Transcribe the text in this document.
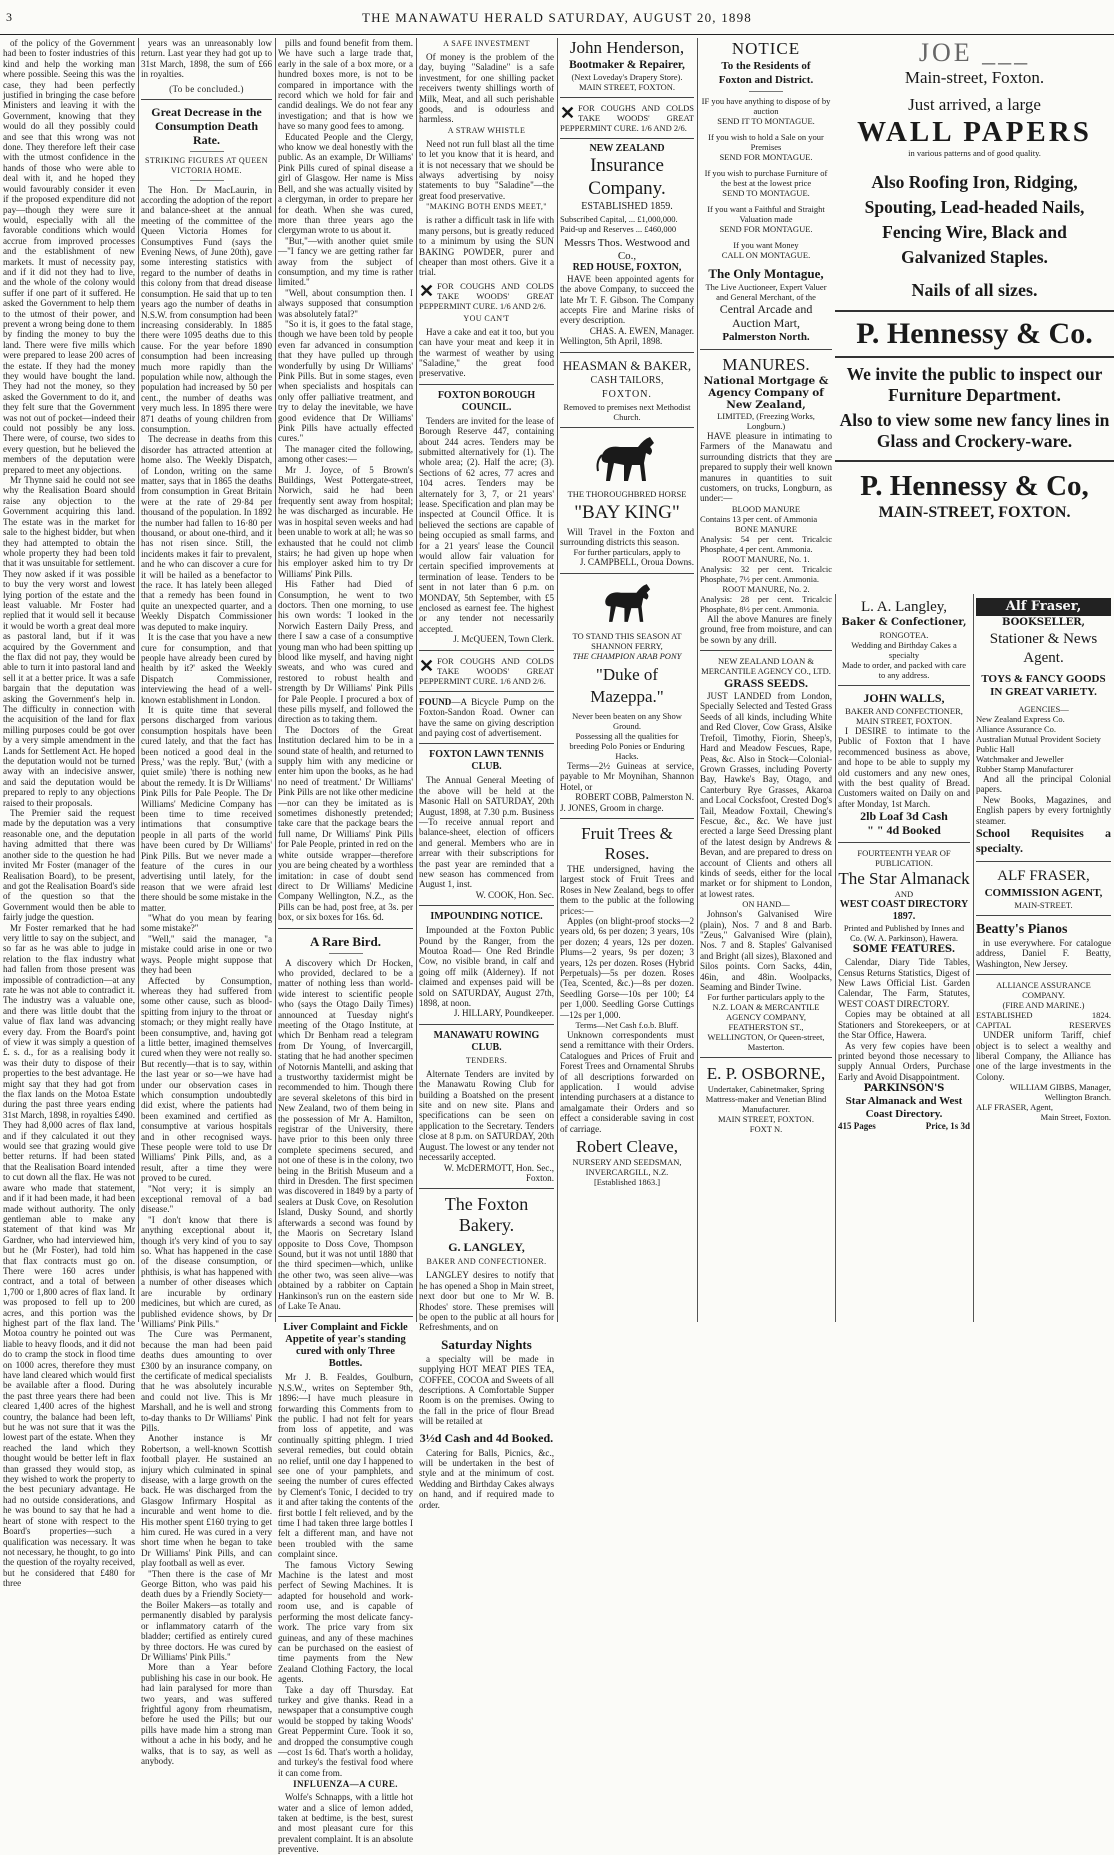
3	THE MANAWATU HERALD SATURDAY, AUGUST 20, 1898

of the policy of the Government had been to foster industries of this kind and help the working man where possible. Seeing this was the case, they had been perfectly justified in bringing the case before Ministers and leaving it with the Government, knowing that they would do all they possibly could and see that this wrong was not done. They therefore left their case with the utmost confidence in the hands of those who were able to deal with it, and he hoped they would favourably consider it even if the proposed expenditure did not pay—though they were sure it would, especially with all the favorable conditions which would accrue from improved processes and the establishment of new markets. It must of necessity pay, and if it did not they had to live, and the whole of the colony would suffer if one part of it suffered. He asked the Government to help them to the utmost of their power, and prevent a wrong being done to them by finding the money to buy the land. There were five mills which were prepared to lease 200 acres of the estate. If they had the money they would have bought the land. They had not the money, so they asked the Government to do it, and they felt sure that the Government was not out of pocket—indeed their could not possibly be any loss. There were, of course, two sides to every question, but he believed the members of the deputation were prepared to meet any objections.

Mr Thynne said he could not see why the Realisation Board should raise any objection to the Government acquiring this land. The estate was in the market for sale to the highest bidder, but when they had attempted to obtain the whole property they had been told that it was unsuitable for settlement. They now asked if it was possible to buy the very worst and lowest lying portion of the estate and the least valuable. Mr Foster had replied that it would sell it because it would be worth a great deal more as pastoral land, but if it was acquired by the Government and the flax did not pay, they would be able to turn it into pastoral land and sell it at a better price. It was a safe bargain that the deputation was asking the Government's help in. The difficulty in connection with the acquisition of the land for flax milling purposes could be got over by a very simple amendment in the Lands for Settlement Act. He hoped the deputation would not be turned away with an indecisive answer, and said the deputation would be prepared to reply to any objections raised to their proposals.

The Premier said the request made by the deputation was a very reasonable one, and the deputation having admitted that there was another side to the question he had invited Mr Foster (manager of the Realisation Board), to be present, and got the Realisation Board's side of the question so that the Government would then be able to fairly judge the question.

Mr Foster remarked that he had very little to say on the subject, and so far as he was able to judge in relation to the flax industry what had fallen from those present was impossible of contradiction—at any rate he was not able to contradict it. The industry was a valuable one, and there was little doubt that the value of flax land was advancing every day. From the Board's point of view it was simply a question of £. s. d., for as a realising body it was their duty to dispose of their properties to the best advantage. He might say that they had got from the flax lands on the Motoa Estate during the past three years ending 31st March, 1898, in royalties £490. They had 8,000 acres of flax land, and if they calculated it out they would see that grazing would give better returns. If had been stated that the Realisation Board intended to cut down all the flax. He was not aware who made that statement, and if it had been made, it had been made without authority. The only gentleman able to make any statement of that kind was Mr Gardner, who had interviewed him, but he (Mr Foster), had told him that flax contracts must go on. There were 160 acres under contract, and a total of between 1,700 or 1,800 acres of flax land. It was proposed to fell up to 200 acres, and this portion was the highest part of the flax land. The Motoa country he pointed out was liable to heavy floods, and it did not do to cramp the stock in flood time on 1000 acres, therefore they must have land cleared which would first be available after a flood. During the past three years there had been cleared 1,400 acres of the highest country, the balance had been left, but he was not sure that it was the lowest part of the estate. When they reached the land which they thought would be better left in flax than grassed they would stop, as they wished to work the property to the best pecuniary advantage. He had no outside considerations, and he was bound to say that he had a heart of stone with respect to the Board's properties—such a qualification was necessary. It was not necessary, he thought, to go into the question of the royalty received, but he considered that £480 for three

years was an unreasonably low return. Last year they had got up to 31st March, 1898, the sum of £66 in royalties.

(To be concluded.)
Great Decrease in the Consumption Death Rate.
STRIKING FIGURES AT QUEEN VICTORIA HOME.

The Hon. Dr MacLaurin, in according the adoption of the report and balance-sheet at the annual meeting of the committee of the Queen Victoria Homes for Consumptives Fund (says the Evening News, of June 20th), gave some interesting statistics with regard to the number of deaths in this colony from that dread disease consumption. He said that up to ten years ago the number of deaths in N.S.W. from consumption had been increasing considerably. In 1885 there were 1095 deaths due to this cause. For the year before 1890 consumption had been increasing much more rapidly than the population while now, although the population had increased by 50 per cent., the number of deaths was very much less. In 1895 there were 871 deaths of young children from consumption.

The decrease in deaths from this disorder has attracted attention at home also. The Weekly Dispatch, of London, writing on the same matter, says that in 1865 the deaths from consumption in Great Britain were at the rate of 29·84 per thousand of the population. In 1892 the number had fallen to 16·80 per thousand, or about one-third, and it has not risen since. Still, the incidents makes it fair to prevalent, and he who can discover a cure for it will be hailed as a benefactor to the race. It has lately been alleged that a remedy has been found in quite an unexpected quarter, and a Weekly Dispatch Commissioner was deputed to make inquiry.

It is the case that you have a new cure for consumption, and that people have already been cured by health by it?' asked the Weekly Dispatch Commissioner, interviewing the head of a well-known establishment in London.

It is quite time that several persons discharged from various consumption hospitals have been cured lately, and that the fact has been noticed a good deal in the Press,' was the reply. 'But,' (with a quiet smile) 'there is nothing new about the remedy. It is Dr Williams' Pink Pills for Pale People. The Dr Williams' Medicine Company has been time to time received intimations that consumptive people in all parts of the world have been cured by Dr Williams' Pink Pills. But we never made a feature of the cures in our advertising until lately, for the reason that we were afraid lest there should be some mistake in the matter.

"What do you mean by fearing some mistake?"

"Well," said the manager, "a mistake could arise in one or two ways. People might suppose that they had been

Affected by Consumption, whereas they had suffered from some other cause, such as blood-spitting from injury to the throat or stomach; or they might really have been consumptive, and, having got a little better, imagined themselves cured when they were not really so. But recently—that is to say, within the last year or so—we have had under our observation cases in which consumption undoubtedly did exist, where the patients had been examined and certified as consumptive at various hospitals and in other recognised ways. These people were told to use Dr Williams' Pink Pills, and, as a result, after a time they were proved to be cured.

"Not very; it is simply an exceptional removal of a bad disease."

"I don't know that there is anything exceptional about it, though it's very kind of you to say so. What has happened in the case of the disease consumption, or phthisis, is what has happened with a number of other diseases which are incurable by ordinary medicines, but which are cured, as published evidence shows, by Dr Williams' Pink Pills."

The Cure was Permanent, because the man had been paid deaths dues amounting to over £300 by an insurance company, on the certificate of medical specialists that he was absolutely incurable and could not live. This is Mr Marshall, and he is well and strong to-day thanks to Dr Williams' Pink Pills.

Another instance is Mr Robertson, a well-known Scottish football player. He sustained an injury which culminated in spinal disease, with a large growth on the back. He was discharged from the Glasgow Infirmary Hospital as incurable and went home to die. His mother spent £160 trying to get him cured. He was cured in a very short time when he began to take Dr Williams' Pink Pills, and can play football as well as ever.

"Then there is the case of Mr George Bitton, who was paid his death dues by a Friendly Society—the Boiler Makers—as totally and permanently disabled by paralysis or inflammatory catarrh of the bladder; certified as entirely cured by three doctors. He was cured by Dr Williams' Pink Pills."

More than a Year before publishing his case in our book. He had lain paralysed for more than two years, and was suffered frightful agony from rheumatism, before he used the Pills; but our pills have made him a strong man without a ache in his body, and he walks, that is to say, as well as anybody.

pills and found benefit from them. We have such a large trade that, early in the sale of a box more, or a hundred boxes more, is not to be compared in importance with the record which we hold for fair and candid dealings. We do not fear any investigation; and that is how we have so many good fees to among.

Educated People and the Clergy, who know we deal honestly with the public. As an example, Dr Williams' Pink Pills cured of spinal disease a girl of Glasgow. Her name is Miss Bell, and she was actually visited by a clergyman, in order to prepare her for death. When she was cured, more than three years ago the clergyman wrote to us about it.

"But,"—with another quiet smile—"I fancy we are getting rather far away from the subject of consumption, and my time is rather limited."

"Well, about consumption then. I always supposed that consumption was absolutely fatal?"

"So it is, it goes to the fatal stage, though we have been told by people even far advanced in consumption that they have pulled up through wonderfully by using Dr Williams' Pink Pills. But in some stages, even when specialists and hospitals can only offer palliative treatment, and try to delay the inevitable, we have good evidence that Dr Williams' Pink Pills have actually effected cures."

The manager cited the following, among other cases:—

Mr J. Joyce, of 5 Brown's Buildings, West Pottergate-street, Norwich, said he had been frequently sent away from hospital; he was discharged as incurable. He was in hospital seven weeks and had been unable to work at all; he was so exhausted that he could not climb stairs; he had given up hope when his employer asked him to try Dr Williams' Pink Pills.

His Father had Died of Consumption, he went to two doctors. Then one morning, to use his own words: 'I looked in the Norwich Eastern Daily Press, and there I saw a case of a consumptive young man who had been spitting up blood like myself, and having night sweats, and who was cured and restored to robust health and strength by Dr Williams' Pink Pills for Pale People. I procured a box of these pills myself, and followed the direction as to taking them.

The Doctors of the Great Institution declared him to be in a sound state of health, and returned to supply him with any medicine or enter him upon the books, as he had no need of treatment.' Dr Williams' Pink Pills are not like other medicine—nor can they be imitated as is sometimes dishonestly pretended; take care that the package bears the full name, Dr Williams' Pink Pills for Pale People, printed in red on the white outside wrapper—therefore you are being cheated by a worthless imitation: in case of doubt send direct to Dr Williams' Medicine Company Wellington, N.Z., as the Pills can be had, post free, at 3s. per box, or six boxes for 16s. 6d.

A Rare Bird.

A discovery which Dr Hocken, who provided, declared to be a matter of nothing less than world-wide interest to scientific people who (says the Otago Daily Times) announced at Tuesday night's meeting of the Otago Institute, at which Dr Benham read a telegram from Dr Young, of Invercargill, stating that he had another specimen of Notornis Mantelli, and asking that a trustworthy taxidermist might be recommended to him. Though there are several skeletons of this bird in New Zealand, two of them being in the possession of Mr A. Hamilton, registrar of the University, there have prior to this been only three complete specimens secured, and not one of these is in the colony, two being in the British Museum and a third in Dresden. The first specimen was discovered in 1849 by a party of sealers at Dusk Cove, on Resolution Island, Dusky Sound, and shortly afterwards a second was found by the Maoris on Secretary Island opposite to Doss Cove, Thompson Sound, but it was not until 1880 that the third specimen—which, unlike the other two, was seen alive—was obtained by a rabbiter on Captain Hankinson's run on the eastern side of Lake Te Anau.

Liver Complaint and Fickle Appetite of year's standing cured with only Three Bottles.

Mr J. B. Fealdes, Goulburn, N.S.W., writes on September 9th, 1896:—I have much pleasure in forwarding this Comments from to the public. I had not felt for years from loss of appetite, and was continually spitting phlegm. I tried several remedies, but could obtain no relief, until one day I happened to see one of your pamphlets, and seeing the number of cures effected by Clement's Tonic, I decided to try it and after taking the contents of the first bottle I felt relieved, and by the time I had taken three large bottles I felt a different man, and have not been troubled with the same complaint since.

The famous Victory Sewing Machine is the latest and most perfect of Sewing Machines. It is adapted for household and work-room use, and is capable of performing the most delicate fancy-work. The price vary from six guineas, and any of these machines can be purchased on the easiest of time payments from the New Zealand Clothing Factory, the local agents.

Take a day off Thursday. Eat turkey and give thanks. Read in a newspaper that a consumptive cough would be stopped by taking Woods' Great Peppermint Cure. Took it so, and dropped the consumptive cough—cost 1s 6d. That's worth a holiday, and turkey's the festival food where it can come from.

INFLUENZA—A CURE.

Wolfe's Schnapps, with a little hot water and a slice of lemon added, taken at bedtime, is the best, surest and most pleasant cure for this prevalent complaint. It is an absolute preventive.

A SAFE INVESTMENT

Of money is the problem of the day, buying "Saladine" is a safe investment, for one shilling packet receivers twenty shillings worth of Milk, Meat, and all such perishable goods, and is odourless and harmless.

A STRAW WHISTLE

Need not run full blast all the time to let you know that it is heard, and it is not necessary that we should be always advertising by noisy statements to buy "Saladine"—the great food preservative.

"MAKING BOTH ENDS MEET,"

is rather a difficult task in life with many persons, but is greatly reduced to a minimum by using the SUN BAKING POWDER, purer and cheaper than most others. Give it a trial.

✕ FOR COUGHS AND COLDS TAKE WOODS' GREAT PEPPERMINT CURE. 1/6 AND 2/6.
YOU CAN'T

Have a cake and eat it too, but you can have your meat and keep it in the warmest of weather by using "Saladine," the great food preservative.

FOXTON BOROUGH COUNCIL.

Tenders are invited for the lease of Borough Reserve 447, containing about 244 acres. Tenders may be submitted alternatively for (1). The whole area; (2). Half the acre; (3). Sections of 62 acres, 77 acres and 104 acres. Tenders may be alternately for 3, 7, or 21 years' lease. Specification and plan may be inspected at Council Office. It is believed the sections are capable of being occupied as small farms, and for a 21 years' lease the Council would allow fair valuation for certain specified improvements at termination of lease. Tenders to be sent in not later than 6 p.m. on MONDAY, 5th September, with £5 enclosed as earnest fee. The highest or any tender not necessarily accepted.

J. McQUEEN, Town Clerk.
✕ FOR COUGHS AND COLDS TAKE WOODS' GREAT PEPPERMINT CURE. 1/6 AND 2/6.
FOUND—A Bicycle Pump on the Foxton-Sandon Road. Owner can have the same on giving description and paying cost of advertisement.
FOXTON LAWN TENNIS CLUB.

The Annual General Meeting of the above will be held at the Masonic Hall on SATURDAY, 20th August, 1898, at 7.30 p.m. Business—To receive annual report and balance-sheet, election of officers and general. Members who are in arrear with their subscriptions for the past year are reminded that a new season has commenced from August 1, inst.

W. COOK, Hon. Sec.
IMPOUNDING NOTICE.

Impounded at the Foxton Public Pound by the Ranger, from the Moutoa Road— One Red Brindle Cow, no visible brand, in calf and going off milk (Alderney). If not claimed and expenses paid will be sold on SATURDAY, August 27th, 1898, at noon.

J. HILLARY, Poundkeeper.
MANAWATU ROWING CLUB.
TENDERS.

Alternate Tenders are invited by the Manawatu Rowing Club for building a Boatshed on the present site and on new site. Plans and specifications can be seen on application to the Secretary. Tenders close at 8 p.m. on SATURDAY, 20th August. The lowest or any tender not necessarily accepted.

W. McDERMOTT, Hon. Sec., Foxton.
The Foxton Bakery.
G. LANGLEY,
BAKER AND CONFECTIONER.

LANGLEY desires to notify that he has opened a Shop in Main street, next door but one to Mr W. B. Rhodes' store. These premises will be open to the public at all hours for Refreshments, and on

Saturday Nights

a specialty will be made in supplying HOT MEAT PIES TEA, COFFEE, COCOA and Sweets of all descriptions. A Comfortable Supper Room is on the premises. Owing to the fall in the price of flour Bread will be retailed at

3½d Cash and 4d Booked.

Catering for Balls, Picnics, &c., will be undertaken in the best of style and at the minimum of cost. Wedding and Birthday Cakes always on hand, and if required made to order.

John Henderson,
Bootmaker & Repairer,
(Next Loveday's Drapery Store).
MAIN STREET, FOXTON.
✕ FOR COUGHS AND COLDS TAKE WOODS' GREAT PEPPERMINT CURE. 1/6 AND 2/6.
NEW ZEALAND
Insurance Company.
ESTABLISHED 1859.
Subscribed Capital, ... £1,000,000.
Paid-up and Reserves ... £460,000
Messrs Thos. Westwood and Co.,
RED HOUSE, FOXTON,

HAVE been appointed agents for the above Company, to succeed the late Mr T. F. Gibson. The Company accepts Fire and Marine risks of every description.

CHAS. A. EWEN, Manager.
Wellington, 5th April, 1898.
HEASMAN & BAKER,
CASH TAILORS,
FOXTON.
Removed to premises next Methodist Church.
THE THOROUGHBRED HORSE
"BAY KING"

Will Travel in the Foxton and surrounding districts this season.

For further particulars, apply to
J. CAMPBELL, Oroua Downs.
TO STAND THIS SEASON AT SHANNON FERRY,
THE CHAMPION ARAB PONY
"Duke of Mazeppa."
Never been beaten on any Show Ground.
Possessing all the qualities for breeding Polo Ponies or Enduring Hacks.

Terms—2½ Guineas at service, payable to Mr Moynihan, Shannon Hotel, or

ROBERT COBB, Palmerston N.
J. JONES, Groom in charge.
Fruit Trees & Roses.

THE undersigned, having the largest stock of Fruit Trees and Roses in New Zealand, begs to offer them to the public at the following prices:—

Apples (on blight-proof stocks—2 years old, 6s per dozen; 3 years, 10s per dozen; 4 years, 12s per dozen. Plums—2 years, 9s per dozen; 3 years, 12s per dozen. Roses (Hybrid Perpetuals)—5s per dozen. Roses (Tea, Scented, &c.)—8s per dozen. Seedling Gorse—10s per 100; £4 per 1,000. Seedling Gorse Cuttings—12s per 1,000.

Terms—Net Cash f.o.b. Bluff.

Unknown correspondents must send a remittance with their Orders. Catalogues and Prices of Fruit and Forest Trees and Ornamental Shrubs of all descriptions forwarded on application. I would advise intending purchasers at a distance to amalgamate their Orders and so effect a considerable saving in cost of carriage.

Robert Cleave,
NURSERY AND SEEDSMAN,
INVERCARGILL, N.Z.
[Established 1863.]
NOTICE
To the Residents of
Foxton and District.
IF you have anything to dispose of by auction
SEND IT TO MONTAGUE.
If you wish to hold a Sale on your Premises
SEND FOR MONTAGUE.
If you wish to purchase Furniture of the best at the lowest price
SEND TO MONTAGUE.
If you want a Faithful and Straight Valuation made
SEND FOR MONTAGUE.
If you want Money
CALL ON MONTAGUE.
The Only Montague,
The Live Auctioneer, Expert Valuer and General Merchant, of the
Central Arcade and Auction Mart,
Palmerston North.
MANURES.
National Mortgage & Agency Company of New Zealand,
LIMITED, (Freezing Works, Longburn.)

HAVE pleasure in intimating to Farmers of the Manawatu and surrounding districts that they are prepared to supply their well known manures in quantities to suit customers, on trucks, Longburn, as under:—

BLOOD MANURE
Contains 13 per cent. of Ammonia
BONE MANURE
Analysis: 54 per cent. Tricalcic Phosphate, 4 per cent. Ammonia.
ROOT MANURE, No. 1.
Analysis: 32 per cent. Tricalcic Phosphate, 7½ per cent. Ammonia.
ROOT MANURE, No. 2.
Analysis: 28 per cent. Tricalcic Phosphate, 8½ per cent. Ammonia.

All the above Manures are finely ground, free from moisture, and can be sown by any drill.

NEW ZEALAND LOAN & MERCANTILE AGENCY CO., LTD.
GRASS SEEDS.

JUST LANDED from London, Specially Selected and Tested Grass Seeds of all kinds, including White and Red Clover, Cow Grass, Alsike Trefoil, Timothy, Fiorin, Sheep's, Hard and Meadow Fescues, Rape, Peas, &c. Also in Stock—Colonial-Grown Grasses, including Poverty Bay, Hawke's Bay, Otago, and Canterbury Rye Grasses, Akaroa and Local Cocksfoot, Crested Dog's Tail, Meadow Foxtail, Chewing's Fescue, &c., &c. We have just erected a large Seed Dressing plant of the latest design by Andrews & Bevan, and are prepared to dress on account of Clients and others all kinds of seeds, either for the local market or for shipment to London, at lowest rates.

ON HAND—

Johnson's Galvanised Wire (plain), Nos. 7 and 8 and Barb. "Zeus," Galvanised Wire (plain), Nos. 7 and 8. Staples' Galvanised and Bright (all sizes), Blaxoned and Silos points. Corn Sacks, 44in, 46in, and 48in. Woolpacks, Seaming and Binder Twine.

For further particulars apply to the
N.Z. LOAN & MERCANTILE AGENCY COMPANY,
FEATHERSTON ST., WELLINGTON, Or Queen-street, Masterton.
E. P. OSBORNE,
Undertaker, Cabinetmaker, Spring
Mattress-maker and Venetian Blind Manufacturer.
MAIN STREET, FOXTON.
FOXT N.
JOE ___
Main-street, Foxton.
Just arrived, a large
WALL PAPERS
in various patterns and of good quality.
Also Roofing Iron, Ridging, Spouting, Lead-headed Nails, Fencing Wire, Black and Galvanized Staples.
Nails of all sizes.
P. Hennessy & Co.
We invite the public to inspect our Furniture Department.
Also to view some new fancy lines in Glass and Crockery-ware.
P. Hennessy & Co,
MAIN-STREET, FOXTON.
L. A. Langley,
Baker & Confectioner,
RONGOTEA.
Wedding and Birthday Cakes a specialty
Made to order, and packed with care to any address.
JOHN WALLS,
BAKER AND CONFECTIONER,
MAIN STREET, FOXTON.

I DESIRE to intimate to the Public of Foxton that I have recommenced business as above, and hope to be able to supply my old customers and any new ones, with the best quality of Bread. Customers waited on Daily on and after Monday, 1st March.

2lb Loaf 3d Cash
" " 4d Booked
FOURTEENTH YEAR OF PUBLICATION.
The Star Almanack
AND
WEST COAST DIRECTORY 1897.
Printed and Published by Innes and Co. (W. A. Parkinson), Hawera.
SOME FEATURES.

Calendar, Diary Tide Tables, Census Returns Statistics, Digest of New Laws Official List. Garden Calendar, The Farm, Statutes, WEST COAST DIRECTORY.

Copies may be obtained at all Stationers and Storekeepers, or at the Star Office, Hawera.

As very few copies have been printed beyond those necessary to supply Annual Orders, Purchase Early and Avoid Disappointment.

PARKINSON'S
Star Almanack and West Coast Directory.
415 Pages	Price, 1s 3d
Alf Fraser,
BOOKSELLER,
Stationer & News Agent.
TOYS & FANCY GOODS IN GREAT VARIETY.
AGENCIES—
New Zealand Express Co.
Alliance Assurance Co.
Australian Mutual Provident Society
Public Hall
Watchmaker and Jeweller
Rubber Stamp Manufacturer

And all the principal Colonial papers.

New Books, Magazines, and English papers by every fortnightly steamer.

School Requisites a specialty.
ALF FRASER,
COMMISSION AGENT,
MAIN-STREET.
Beatty's Pianos

in use everywhere. For catalogue address, Daniel F. Beatty, Washington, New Jersey.

ALLIANCE ASSURANCE COMPANY.
(FIRE AND MARINE.)
ESTABLISHED	1824.
CAPITAL	RESERVES

UNDER uniform Tariff, chief object is to select a wealthy and liberal Company, the Alliance has one of the large investments in the Colony.

WILLIAM GIBBS, Manager, Wellington Branch.
ALF FRASER, Agent,
Main Street, Foxton.
